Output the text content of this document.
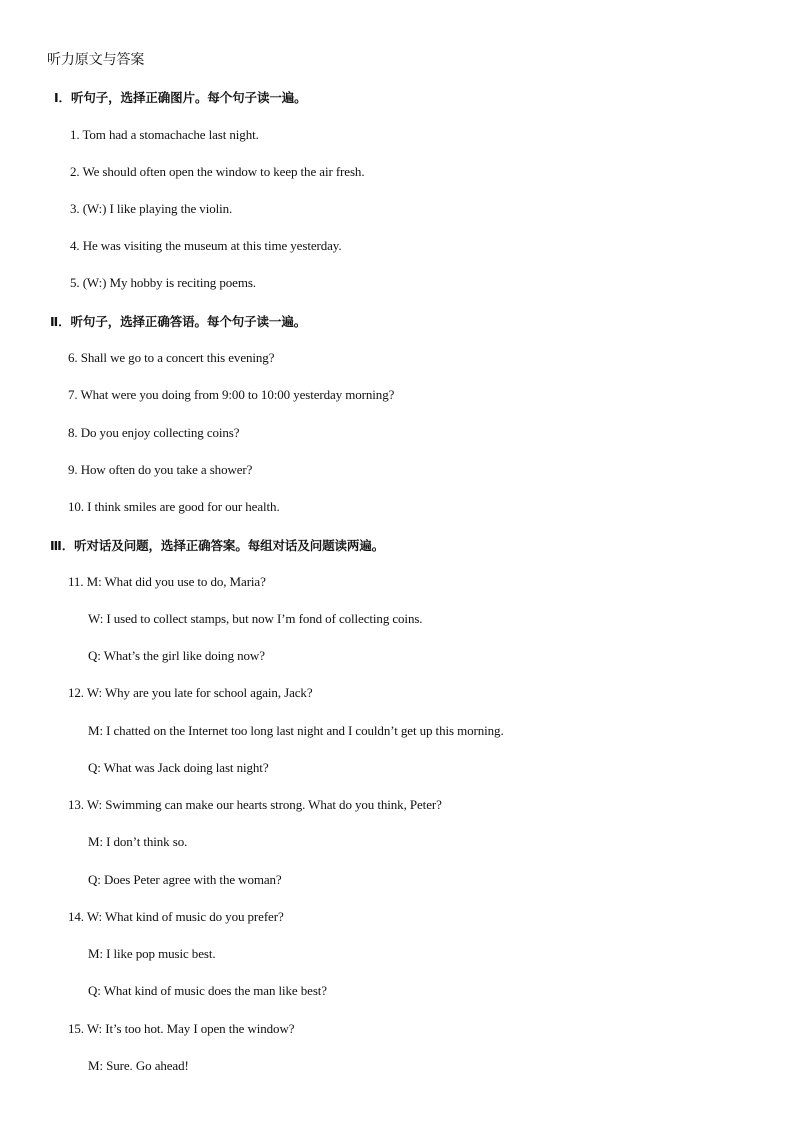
听力原文与答案
Ⅰ．听句子，选择正确图片。每个句子读一遍。
1. Tom had a stomachache last night.
2. We should often open the window to keep the air fresh.
3. (W:) I like playing the violin.
4. He was visiting the museum at this time yesterday.
5. (W:) My hobby is reciting poems.
Ⅱ．听句子，选择正确答语。每个句子读一遍。
6. Shall we go to a concert this evening?
7. What were you doing from 9:00 to 10:00 yesterday morning?
8. Do you enjoy collecting coins?
9. How often do you take a shower?
10. I think smiles are good for our health.
Ⅲ．听对话及问题，选择正确答案。每组对话及问题读两遍。
11. M: What did you use to do, Maria?
W: I used to collect stamps, but now I’m fond of collecting coins.
Q: What’s the girl like doing now?
12. W: Why are you late for school again, Jack?
M: I chatted on the Internet too long last night and I couldn’t get up this morning.
Q: What was Jack doing last night?
13. W: Swimming can make our hearts strong. What do you think, Peter?
M: I don’t think so.
Q: Does Peter agree with the woman?
14. W: What kind of music do you prefer?
M: I like pop music best.
Q: What kind of music does the man like best?
15. W: It’s too hot. May I open the window?
M: Sure. Go ahead!
